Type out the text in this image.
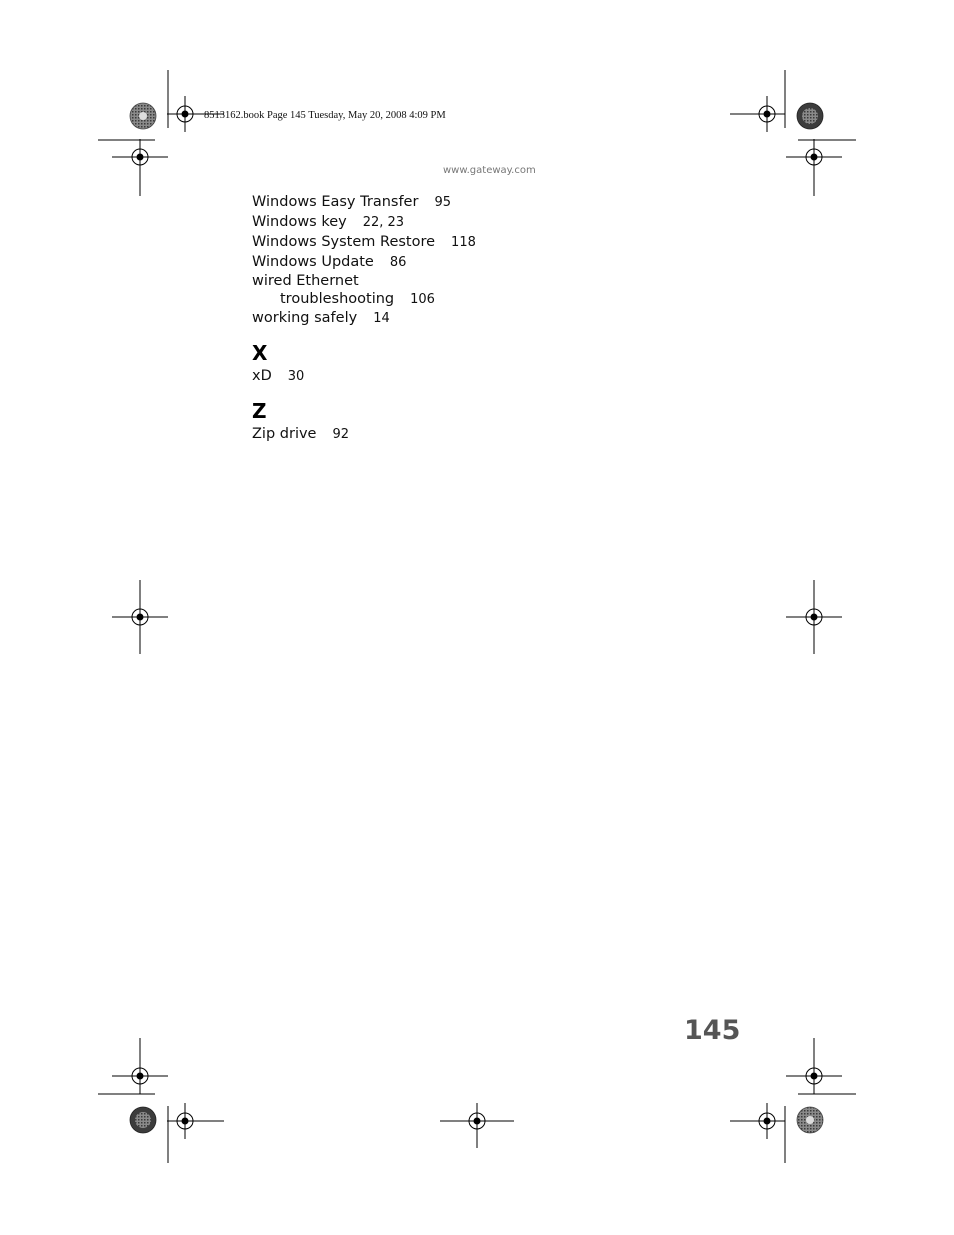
8513162.book Page 145 Tuesday, May 20, 2008 4:09 PM
www.gateway.com
Windows Easy Transfer 95
Windows key 22, 23
Windows System Restore 118
Windows Update 86
wired Ethernet
troubleshooting 106
working safely 14
X
xD 30
Z
Zip drive 92
145
